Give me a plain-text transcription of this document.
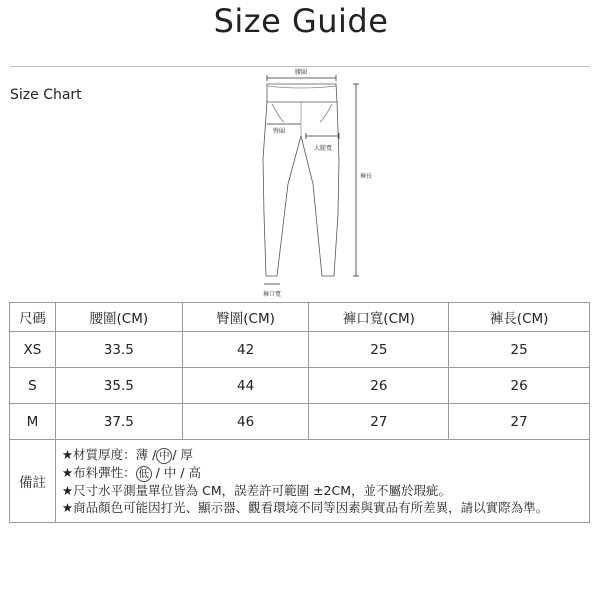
Size Guide
Size Chart
腰圍
臀圍
大腿寬
褲長
褲口寬
尺碼	腰圍(CM)	臀圍(CM)	褲口寬(CM)	褲長(CM)
XS	33.5	42	25	25
S	35.5	44	26	26
M	37.5	46	27	27
備註	★材質厚度：薄 / 中 / 厚
★布料彈性： 低 / 中 / 高
★尺寸水平測量單位皆為 CM，誤差許可範圍 ±2CM，並不屬於瑕疵。
★商品顏色可能因打光、顯示器、觀看環境不同等因素與實品有所差異，請以實際為準。			
